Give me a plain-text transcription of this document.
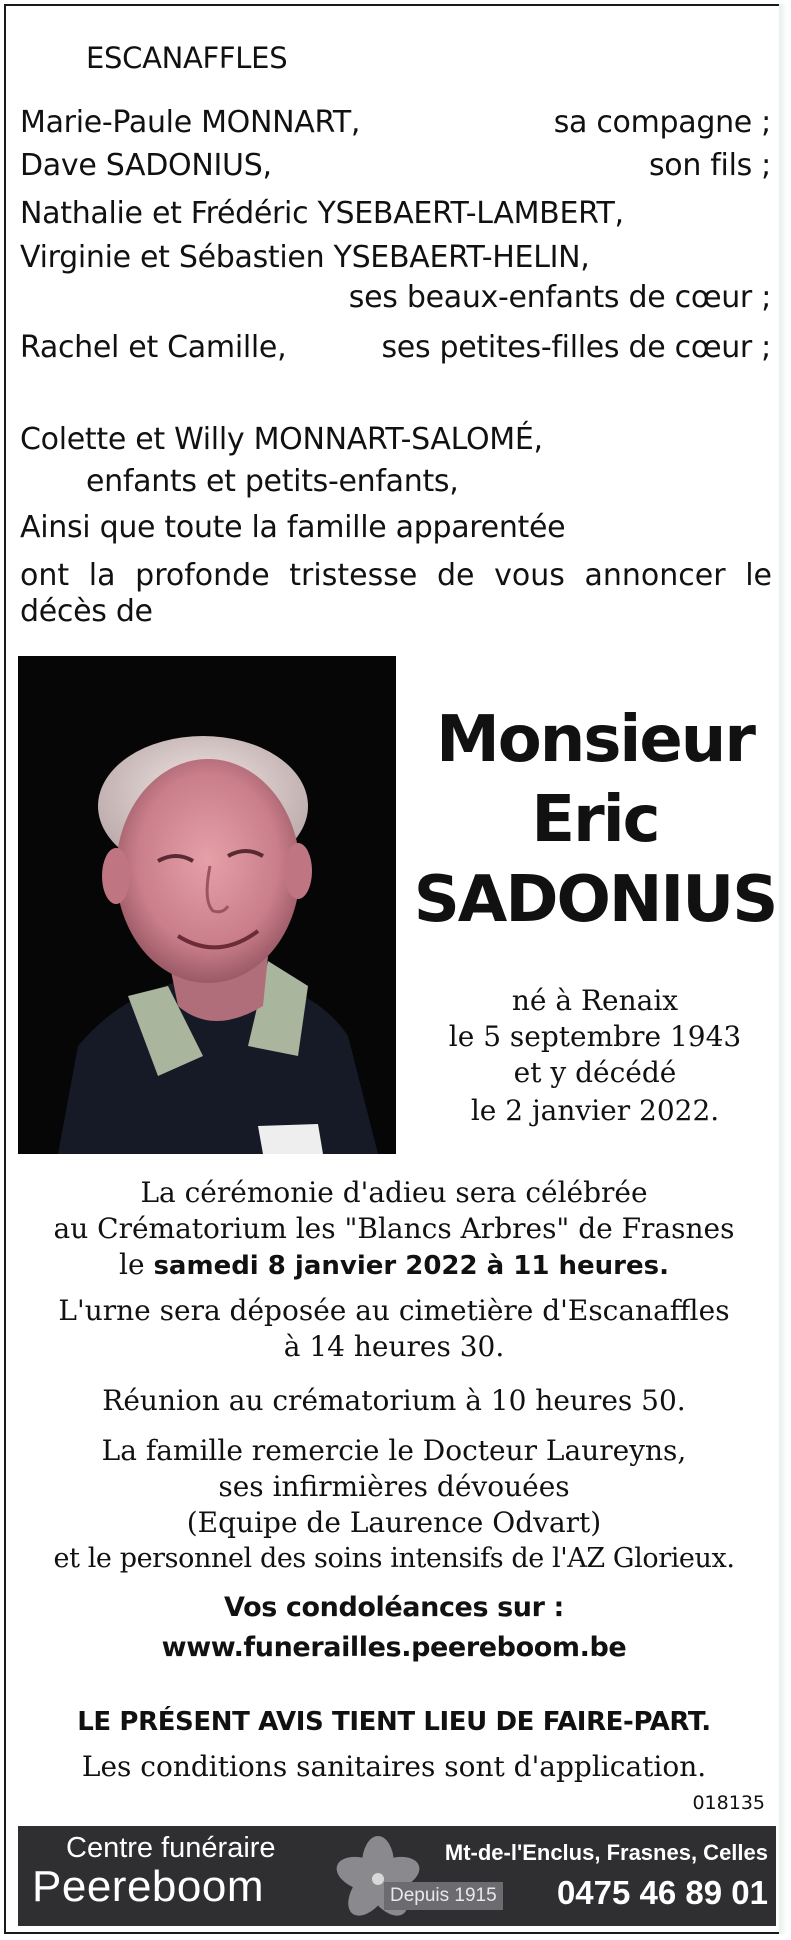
ESCANAFFLES
Marie-Paule MONNART,	sa compagne ;
Dave SADONIUS,	son fils ;
Nathalie et Frédéric YSEBAERT-LAMBERT,
Virginie et Sébastien YSEBAERT-HELIN,
ses beaux-enfants de cœur ;
Rachel et Camille,	ses petites-filles de cœur ;
Colette et Willy MONNART-SALOMÉ,
enfants et petits-enfants,
Ainsi que toute la famille apparentée
ont la profonde tristesse de vous annoncer le
décès de
Monsieur
Eric
SADONIUS
né à Renaix
le 5 septembre 1943
et y décédé
le 2 janvier 2022.
La cérémonie d'adieu sera célébrée
au Crématorium les "Blancs Arbres" de Frasnes
le samedi 8 janvier 2022 à 11 heures.
L'urne sera déposée au cimetière d'Escanaffles
à 14 heures 30.
Réunion au crématorium à 10 heures 50.
La famille remercie le Docteur Laureyns,
ses infirmières dévouées
(Equipe de Laurence Odvart)
et le personnel des soins intensifs de l'AZ Glorieux.
Vos condoléances sur :
www.funerailles.peereboom.be
LE PRÉSENT AVIS TIENT LIEU DE FAIRE-PART.
Les conditions sanitaires sont d'application.
018135
Centre funéraire
Peereboom	Depuis 1915
Mt-de-l'Enclus, Frasnes, Celles
0475 46 89 01
